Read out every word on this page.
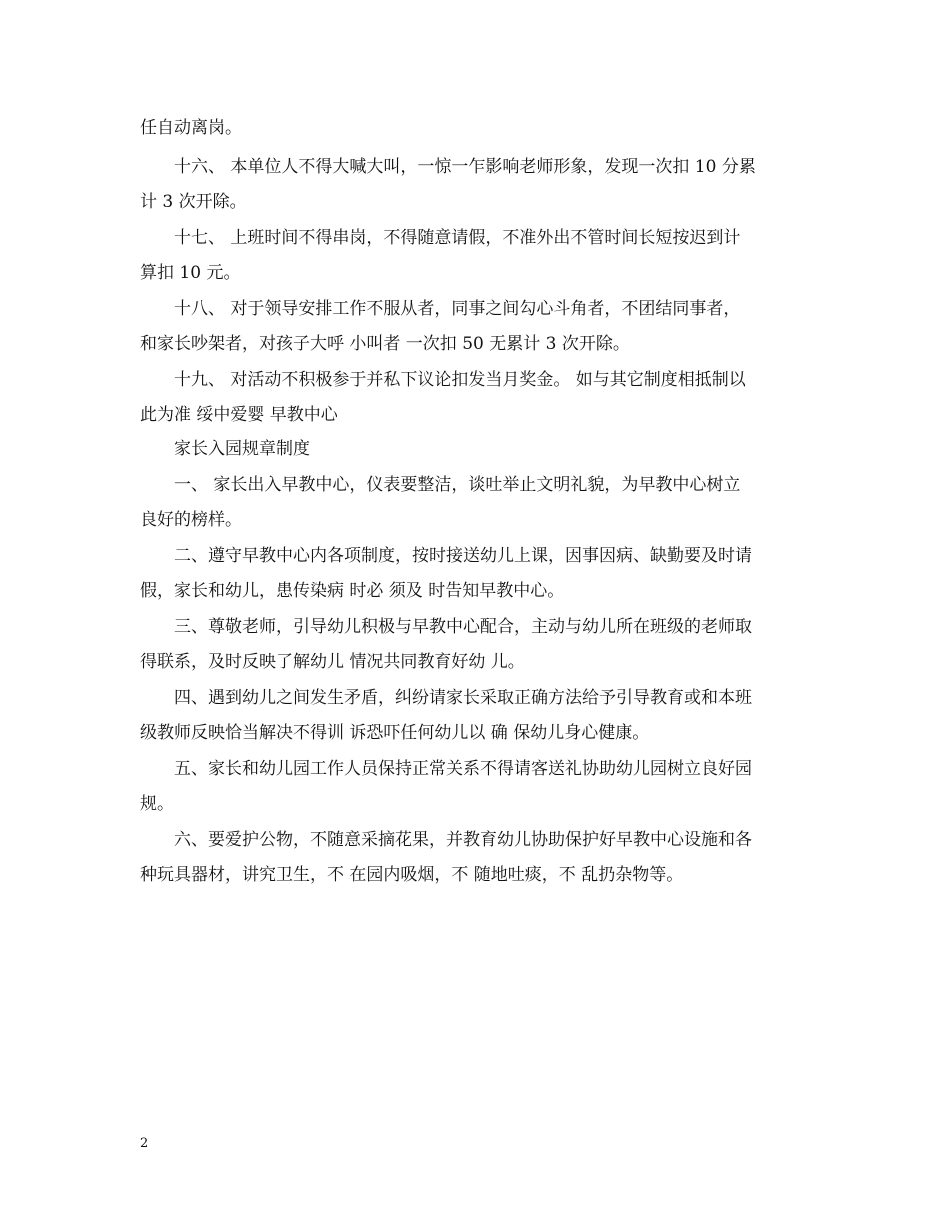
任自动离岗。
十六、 本单位人不得大喊大叫，一惊一乍影响老师形象，发现一次扣 10 分累
计 3 次开除。
十七、 上班时间不得串岗，不得随意请假，不准外出不管时间长短按迟到计
算扣 10 元。
十八、 对于领导安排工作不服从者，同事之间勾心斗角者，不团结同事者，
和家长吵架者，对孩子大呼 小叫者 一次扣 50 无累计 3 次开除。
十九、 对活动不积极参于并私下议论扣发当月奖金。 如与其它制度相抵制以
此为准 绥中爱婴 早教中心
家长入园规章制度
一、 家长出入早教中心，仪表要整洁，谈吐举止文明礼貌，为早教中心树立
良好的榜样。
二、遵守早教中心内各项制度，按时接送幼儿上课，因事因病、缺勤要及时请
假，家长和幼儿，患传染病 时必 须及 时告知早教中心。
三、尊敬老师，引导幼儿积极与早教中心配合，主动与幼儿所在班级的老师取
得联系，及时反映了解幼儿 情况共同教育好幼 儿。
四、遇到幼儿之间发生矛盾，纠纷请家长采取正确方法给予引导教育或和本班
级教师反映恰当解决不得训 诉恐吓任何幼儿以 确 保幼儿身心健康。
五、家长和幼儿园工作人员保持正常关系不得请客送礼协助幼儿园树立良好园
规。
六、要爱护公物，不随意采摘花果，并教育幼儿协助保护好早教中心设施和各
种玩具器材，讲究卫生，不 在园内吸烟，不 随地吐痰，不 乱扔杂物等。
2
